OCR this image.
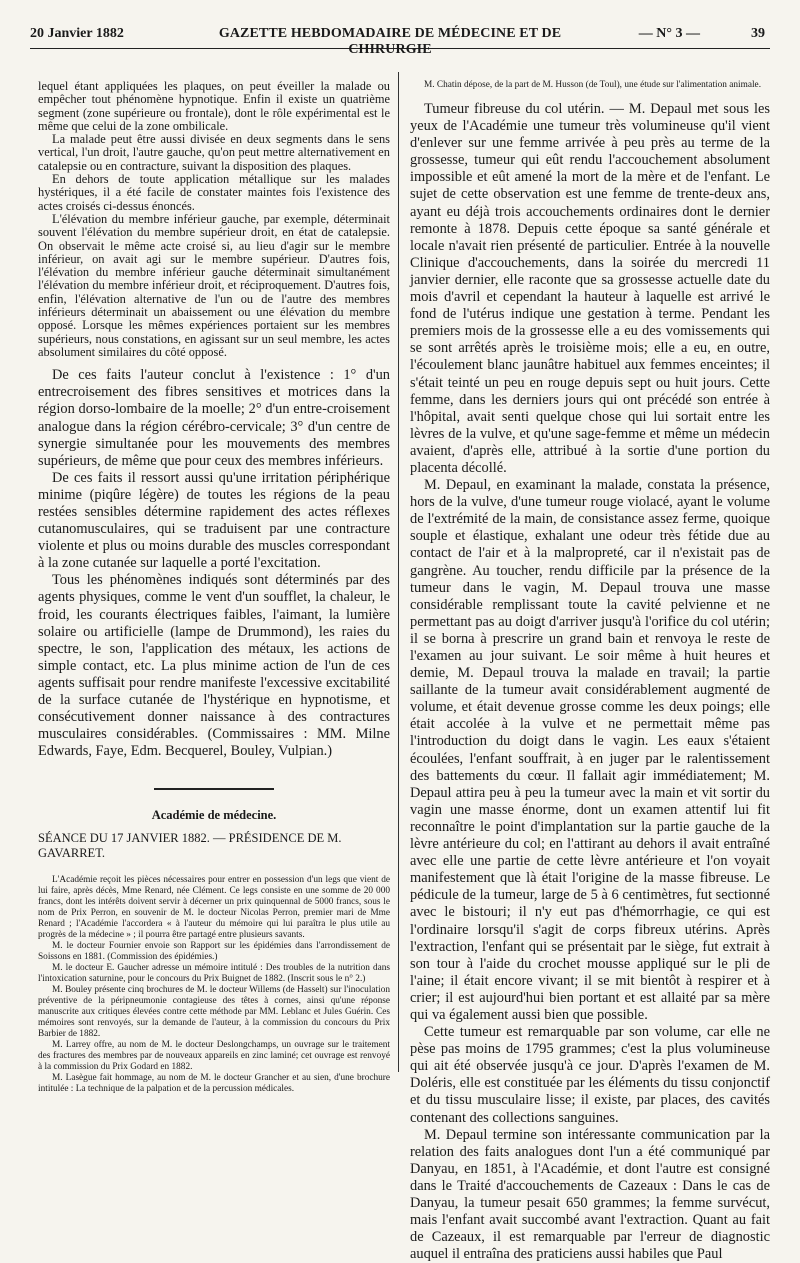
20 Janvier 1882	GAZETTE HEBDOMADAIRE DE MÉDECINE ET DE CHIRURGIE
— N° 3 —	39

lequel étant appliquées les plaques, on peut éveiller la malade ou empêcher tout phénomène hypnotique. Enfin il existe un quatrième segment (zone supérieure ou frontale), dont le rôle expérimental est le même que celui de la zone ombilicale.

La malade peut être aussi divisée en deux segments dans le sens vertical, l'un droit, l'autre gauche, qu'on peut mettre alternativement en catalepsie ou en contracture, suivant la disposition des plaques.

En dehors de toute application métallique sur les malades hystériques, il a été facile de constater maintes fois l'existence des actes croisés ci-dessus énoncés.

L'élévation du membre inférieur gauche, par exemple, déterminait souvent l'élévation du membre supérieur droit, en état de catalepsie. On observait le même acte croisé si, au lieu d'agir sur le membre inférieur, on avait agi sur le membre supérieur. D'autres fois, l'élévation du membre inférieur gauche déterminait simultanément l'élévation du membre inférieur droit, et réciproquement. D'autres fois, enfin, l'élévation alternative de l'un ou de l'autre des membres inférieurs déterminait un abaissement ou une élévation du membre opposé. Lorsque les mêmes expériences portaient sur les membres supérieurs, nous constations, en agissant sur un seul membre, les actes absolument similaires du côté opposé.

De ces faits l'auteur conclut à l'existence : 1° d'un entrecroisement des fibres sensitives et motrices dans la région dorso-lombaire de la moelle; 2° d'un entre-croisement analogue dans la région cérébro-cervicale; 3° d'un centre de synergie simultanée pour les mouvements des membres supérieurs, de même que pour ceux des membres inférieurs.

De ces faits il ressort aussi qu'une irritation périphérique minime (piqûre légère) de toutes les régions de la peau restées sensibles détermine rapidement des actes réflexes cutanomusculaires, qui se traduisent par une contracture violente et plus ou moins durable des muscles correspondant à la zone cutanée sur laquelle a porté l'excitation.

Tous les phénomènes indiqués sont déterminés par des agents physiques, comme le vent d'un soufflet, la chaleur, le froid, les courants électriques faibles, l'aimant, la lumière solaire ou artificielle (lampe de Drummond), les raies du spectre, le son, l'application des métaux, les actions de simple contact, etc. La plus minime action de l'un de ces agents suffisait pour rendre manifeste l'excessive excitabilité de la surface cutanée de l'hystérique en hypnotisme, et consécutivement donner naissance à des contractures musculaires considérables. (Commissaires : MM. Milne Edwards, Faye, Edm. Becquerel, Bouley, Vulpian.)

Académie de médecine.

SÉANCE DU 17 JANVIER 1882. — PRÉSIDENCE DE M. GAVARRET.

L'Académie reçoit les pièces nécessaires pour entrer en possession d'un legs que vient de lui faire, après décès, Mme Renard, née Clément. Ce legs consiste en une somme de 20 000 francs, dont les intérêts doivent servir à décerner un prix quinquennal de 5000 francs, sous le nom de Prix Perron, en souvenir de M. le docteur Nicolas Perron, premier mari de Mme Renard ; l'Académie l'accordera « à l'auteur du mémoire qui lui paraîtra le plus utile au progrès de la médecine » ; il pourra être partagé entre plusieurs savants.

M. le docteur Fournier envoie son Rapport sur les épidémies dans l'arrondissement de Soissons en 1881. (Commission des épidémies.)

M. le docteur E. Gaucher adresse un mémoire intitulé : Des troubles de la nutrition dans l'intoxication saturnine, pour le concours du Prix Buignet de 1882. (Inscrit sous le n° 2.)

M. Bouley présente cinq brochures de M. le docteur Willems (de Hasselt) sur l'inoculation préventive de la péripneumonie contagieuse des têtes à cornes, ainsi qu'une réponse manuscrite aux critiques élevées contre cette méthode par MM. Leblanc et Jules Guérin. Ces mémoires sont renvoyés, sur la demande de l'auteur, à la commission du concours du Prix Barbier de 1882.

M. Larrey offre, au nom de M. le docteur Deslongchamps, un ouvrage sur le traitement des fractures des membres par de nouveaux appareils en zinc laminé; cet ouvrage est renvoyé à la commission du Prix Godard en 1882.

M. Lasègue fait hommage, au nom de M. le docteur Grancher et au sien, d'une brochure intitulée : La technique de la palpation et de la percussion médicales.

M. Chatin dépose, de la part de M. Husson (de Toul), une étude sur l'alimentation animale.

Tumeur fibreuse du col utérin. — M. Depaul met sous les yeux de l'Académie une tumeur très volumineuse qu'il vient d'enlever sur une femme arrivée à peu près au terme de la grossesse, tumeur qui eût rendu l'accouchement absolument impossible et eût amené la mort de la mère et de l'enfant. Le sujet de cette observation est une femme de trente-deux ans, ayant eu déjà trois accouchements ordinaires dont le dernier remonte à 1878. Depuis cette époque sa santé générale et locale n'avait rien présenté de particulier. Entrée à la nouvelle Clinique d'accouchements, dans la soirée du mercredi 11 janvier dernier, elle raconte que sa grossesse actuelle date du mois d'avril et cependant la hauteur à laquelle est arrivé le fond de l'utérus indique une gestation à terme. Pendant les premiers mois de la grossesse elle a eu des vomissements qui se sont arrêtés après le troisième mois; elle a eu, en outre, l'écoulement blanc jaunâtre habituel aux femmes enceintes; il s'était teinté un peu en rouge depuis sept ou huit jours. Cette femme, dans les derniers jours qui ont précédé son entrée à l'hôpital, avait senti quelque chose qui lui sortait entre les lèvres de la vulve, et qu'une sage-femme et même un médecin avaient, d'après elle, attribué à la sortie d'une portion du placenta décollé.

M. Depaul, en examinant la malade, constata la présence, hors de la vulve, d'une tumeur rouge violacé, ayant le volume de l'extrémité de la main, de consistance assez ferme, quoique souple et élastique, exhalant une odeur très fétide due au contact de l'air et à la malpropreté, car il n'existait pas de gangrène. Au toucher, rendu difficile par la présence de la tumeur dans le vagin, M. Depaul trouva une masse considérable remplissant toute la cavité pelvienne et ne permettant pas au doigt d'arriver jusqu'à l'orifice du col utérin; il se borna à prescrire un grand bain et renvoya le reste de l'examen au jour suivant. Le soir même à huit heures et demie, M. Depaul trouva la malade en travail; la partie saillante de la tumeur avait considérablement augmenté de volume, et était devenue grosse comme les deux poings; elle était accolée à la vulve et ne permettait même pas l'introduction du doigt dans le vagin. Les eaux s'étaient écoulées, l'enfant souffrait, à en juger par le ralentissement des battements du cœur. Il fallait agir immédiatement; M. Depaul attira peu à peu la tumeur avec la main et vit sortir du vagin une masse énorme, dont un examen attentif lui fit reconnaître le point d'implantation sur la partie gauche de la lèvre antérieure du col; en l'attirant au dehors il avait entraîné avec elle une partie de cette lèvre antérieure et l'on voyait manifestement que là était l'origine de la masse fibreuse. Le pédicule de la tumeur, large de 5 à 6 centimètres, fut sectionné avec le bistouri; il n'y eut pas d'hémorrhagie, ce qui est l'ordinaire lorsqu'il s'agit de corps fibreux utérins. Après l'extraction, l'enfant qui se présentait par le siège, fut extrait à son tour à l'aide du crochet mousse appliqué sur le pli de l'aine; il était encore vivant; il se mit bientôt à respirer et à crier; il est aujourd'hui bien portant et est allaité par sa mère qui va également aussi bien que possible.

Cette tumeur est remarquable par son volume, car elle ne pèse pas moins de 1795 grammes; c'est la plus volumineuse qui ait été observée jusqu'à ce jour. D'après l'examen de M. Doléris, elle est constituée par les éléments du tissu conjonctif et du tissu musculaire lisse; il existe, par places, des cavités contenant des collections sanguines.

M. Depaul termine son intéressante communication par la relation des faits analogues dont l'un a été communiqué par Danyau, en 1851, à l'Académie, et dont l'autre est consigné dans le Traité d'accouchements de Cazeaux : Dans le cas de Danyau, la tumeur pesait 650 grammes; la femme survécut, mais l'enfant avait succombé avant l'extraction. Quant au fait de Cazeaux, il est remarquable par l'erreur de diagnostic auquel il entraîna des praticiens aussi habiles que Paul
